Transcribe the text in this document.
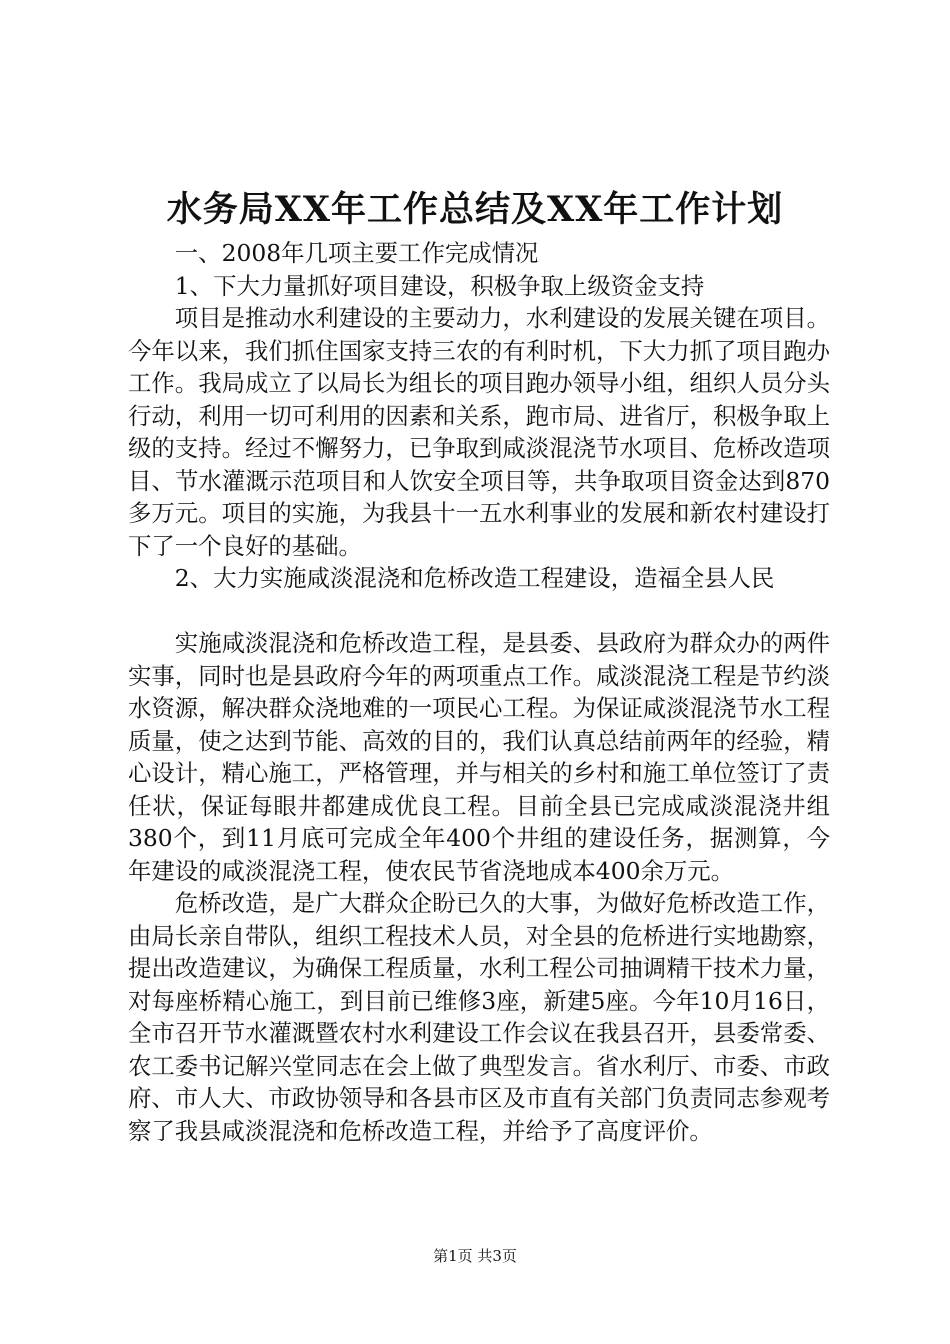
水务局XX年工作总结及XX年工作计划

一、2008年几项主要工作完成情况

1、下大力量抓好项目建设，积极争取上级资金支持

项目是推动水利建设的主要动力，水利建设的发展关键在项目。今年以来，我们抓住国家支持三农的有利时机，下大力抓了项目跑办工作。我局成立了以局长为组长的项目跑办领导小组，组织人员分头行动，利用一切可利用的因素和关系，跑市局、进省厅，积极争取上级的支持。经过不懈努力，已争取到咸淡混浇节水项目、危桥改造项目、节水灌溉示范项目和人饮安全项目等，共争取项目资金达到870多万元。项目的实施，为我县十一五水利事业的发展和新农村建设打下了一个良好的基础。

2、大力实施咸淡混浇和危桥改造工程建设，造福全县人民

实施咸淡混浇和危桥改造工程，是县委、县政府为群众办的两件实事，同时也是县政府今年的两项重点工作。咸淡混浇工程是节约淡水资源，解决群众浇地难的一项民心工程。为保证咸淡混浇节水工程质量，使之达到节能、高效的目的，我们认真总结前两年的经验，精心设计，精心施工，严格管理，并与相关的乡村和施工单位签订了责任状，保证每眼井都建成优良工程。目前全县已完成咸淡混浇井组380个，到11月底可完成全年400个井组的建设任务，据测算，今年建设的咸淡混浇工程，使农民节省浇地成本400余万元。

危桥改造，是广大群众企盼已久的大事，为做好危桥改造工作，由局长亲自带队，组织工程技术人员，对全县的危桥进行实地勘察，提出改造建议，为确保工程质量，水利工程公司抽调精干技术力量，对每座桥精心施工，到目前已维修3座，新建5座。今年10月16日，全市召开节水灌溉暨农村水利建设工作会议在我县召开，县委常委、农工委书记解兴堂同志在会上做了典型发言。省水利厅、市委、市政府、市人大、市政协领导和各县市区及市直有关部门负责同志参观考察了我县咸淡混浇和危桥改造工程，并给予了高度评价。

第1页 共3页
